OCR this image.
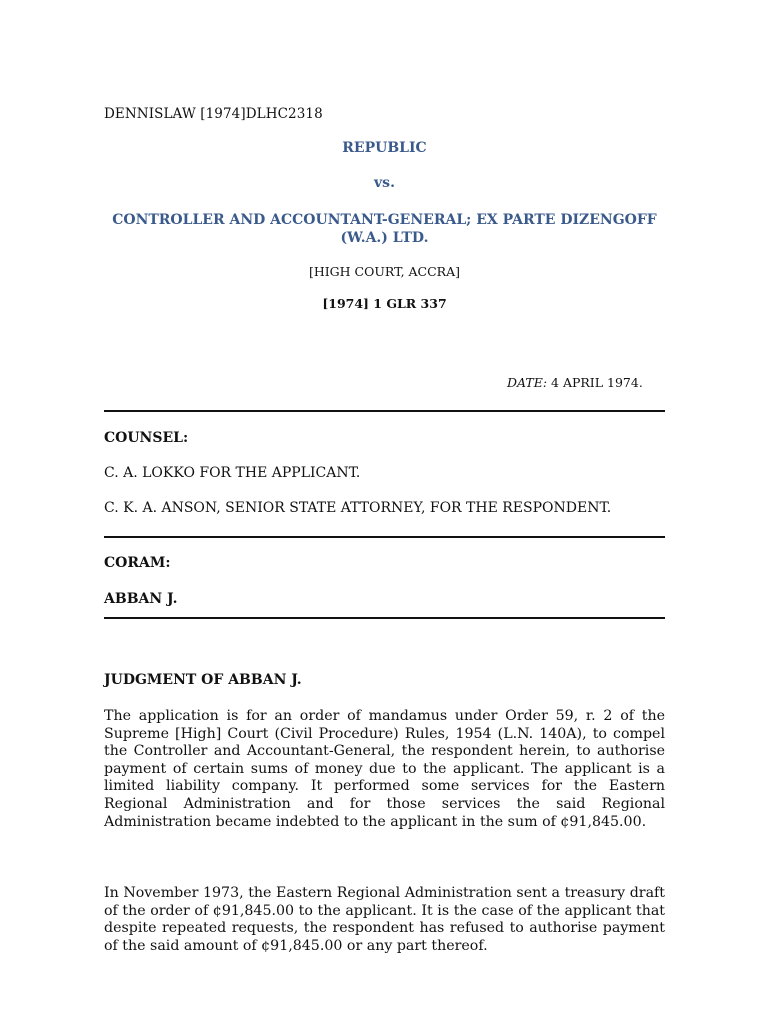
DENNISLAW [1974]DLHC2318
REPUBLIC
vs.
CONTROLLER AND ACCOUNTANT-GENERAL; EX PARTE DIZENGOFF (W.A.) LTD.
[HIGH COURT, ACCRA]
[1974] 1 GLR 337
DATE: 4 APRIL 1974.
COUNSEL:
C. A. LOKKO FOR THE APPLICANT.
C. K. A. ANSON, SENIOR STATE ATTORNEY, FOR THE RESPONDENT.
CORAM:
ABBAN J.
JUDGMENT OF ABBAN J.
The application is for an order of mandamus under Order 59, r. 2 of the Supreme [High] Court (Civil Procedure) Rules, 1954 (L.N. 140A), to compel the Controller and Accountant-General, the respondent herein, to authorise payment of certain sums of money due to the applicant. The applicant is a limited liability company. It performed some services for the Eastern Regional Administration and for those services the said Regional Administration became indebted to the applicant in the sum of ¢91,845.00.
In November 1973, the Eastern Regional Administration sent a treasury draft of the order of ¢91,845.00 to the applicant. It is the case of the applicant that despite repeated requests, the respondent has refused to authorise payment of the said amount of ¢91,845.00 or any part thereof.
